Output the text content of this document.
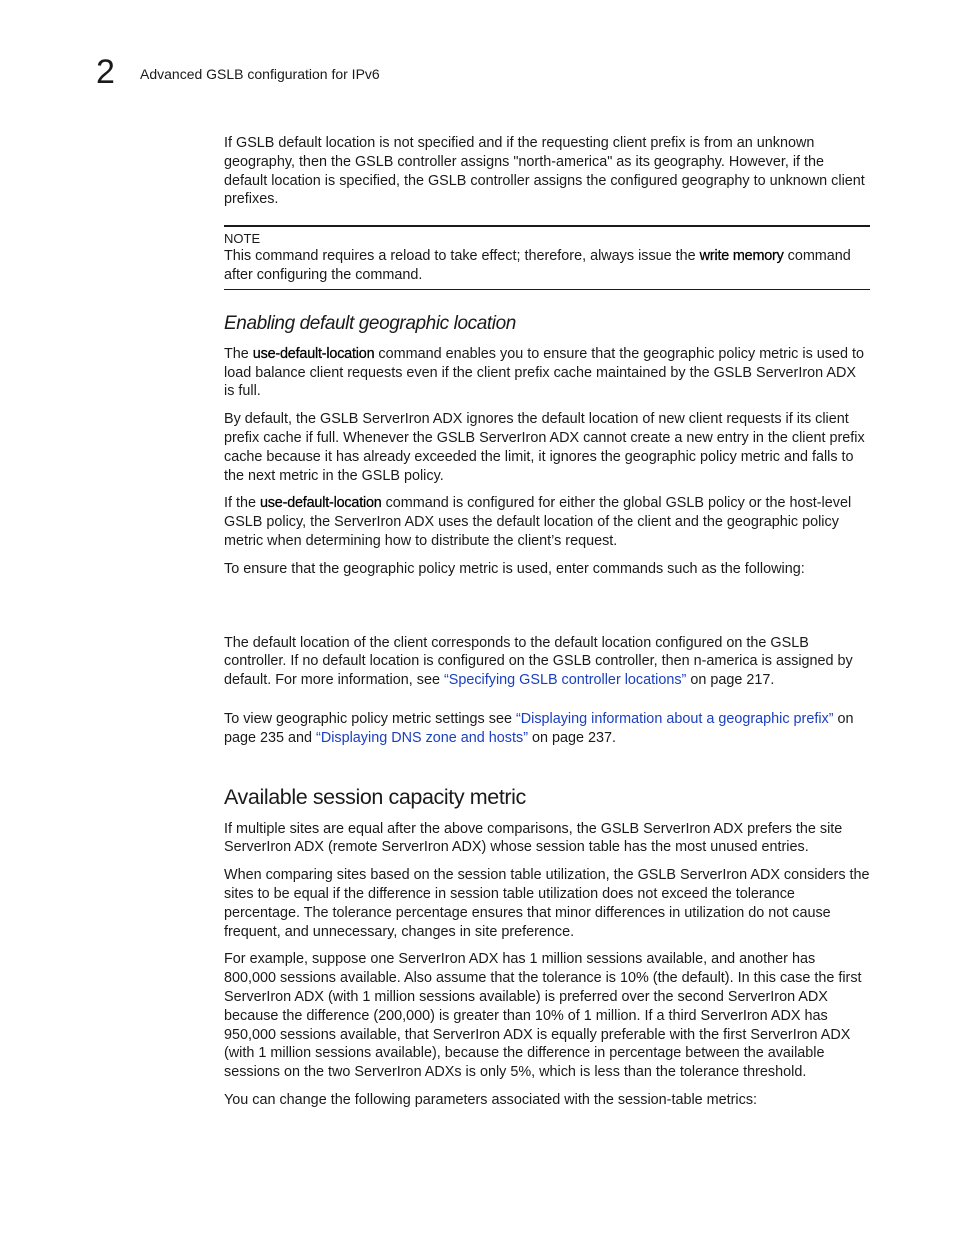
2 Advanced GSLB configuration for IPv6

If GSLB default location is not specified and if the requesting client prefix is from an unknown geography, then the GSLB controller assigns "north-america" as its geography. However, if the default location is specified, the GSLB controller assigns the configured geography to unknown client prefixes.

NOTE

This command requires a reload to take effect; therefore, always issue the write memory command after configuring the command.

Enabling default geographic location

The use-default-location command enables you to ensure that the geographic policy metric is used to load balance client requests even if the client prefix cache maintained by the GSLB ServerIron ADX is full.

By default, the GSLB ServerIron ADX ignores the default location of new client requests if its client prefix cache if full. Whenever the GSLB ServerIron ADX cannot create a new entry in the client prefix cache because it has already exceeded the limit, it ignores the geographic policy metric and falls to the next metric in the GSLB policy.

If the use-default-location command is configured for either the global GSLB policy or the host-level GSLB policy, the ServerIron ADX uses the default location of the client and the geographic policy metric when determining how to distribute the client’s request.

To ensure that the geographic policy metric is used, enter commands such as the following:

The default location of the client corresponds to the default location configured on the GSLB controller. If no default location is configured on the GSLB controller, then n-america is assigned by default. For more information, see “Specifying GSLB controller locations” on page 217.

To view geographic policy metric settings see “Displaying information about a geographic prefix” on page 235 and “Displaying DNS zone and hosts” on page 237.

Available session capacity metric

If multiple sites are equal after the above comparisons, the GSLB ServerIron ADX prefers the site ServerIron ADX (remote ServerIron ADX) whose session table has the most unused entries.

When comparing sites based on the session table utilization, the GSLB ServerIron ADX considers the sites to be equal if the difference in session table utilization does not exceed the tolerance percentage. The tolerance percentage ensures that minor differences in utilization do not cause frequent, and unnecessary, changes in site preference.

For example, suppose one ServerIron ADX has 1 million sessions available, and another has 800,000 sessions available. Also assume that the tolerance is 10% (the default). In this case the first ServerIron ADX (with 1 million sessions available) is preferred over the second ServerIron ADX because the difference (200,000) is greater than 10% of 1 million. If a third ServerIron ADX has 950,000 sessions available, that ServerIron ADX is equally preferable with the first ServerIron ADX (with 1 million sessions available), because the difference in percentage between the available sessions on the two ServerIron ADXs is only 5%, which is less than the tolerance threshold.

You can change the following parameters associated with the session-table metrics:
